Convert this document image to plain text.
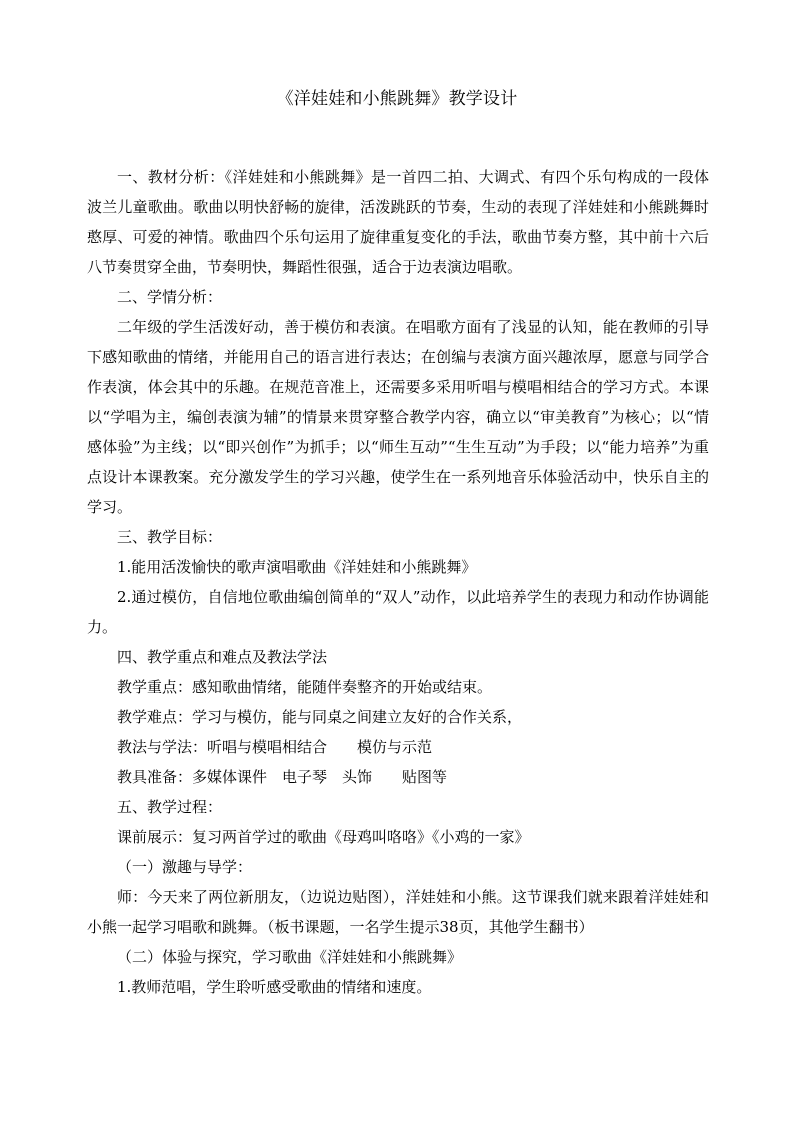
《洋娃娃和小熊跳舞》教学设计

一、教材分析：《洋娃娃和小熊跳舞》是一首四二拍、大调式、有四个乐句构成的一段体波兰儿童歌曲。歌曲以明快舒畅的旋律，活泼跳跃的节奏，生动的表现了洋娃娃和小熊跳舞时憨厚、可爱的神情。歌曲四个乐句运用了旋律重复变化的手法，歌曲节奏方整，其中前十六后八节奏贯穿全曲，节奏明快，舞蹈性很强，适合于边表演边唱歌。

二、学情分析：

二年级的学生活泼好动，善于模仿和表演。在唱歌方面有了浅显的认知，能在教师的引导下感知歌曲的情绪，并能用自己的语言进行表达；在创编与表演方面兴趣浓厚，愿意与同学合作表演，体会其中的乐趣。在规范音准上，还需要多采用听唱与模唱相结合的学习方式。本课以“学唱为主，编创表演为辅”的情景来贯穿整合教学内容，确立以“审美教育”为核心；以“情感体验”为主线；以“即兴创作”为抓手；以“师生互动”“生生互动”为手段；以“能力培养”为重点设计本课教案。充分激发学生的学习兴趣，使学生在一系列地音乐体验活动中，快乐自主的学习。

三、教学目标：

1.能用活泼愉快的歌声演唱歌曲《洋娃娃和小熊跳舞》

2.通过模仿，自信地位歌曲编创简单的“双人”动作，以此培养学生的表现力和动作协调能力。

四、教学重点和难点及教法学法

教学重点：感知歌曲情绪，能随伴奏整齐的开始或结束。

教学难点：学习与模仿，能与同桌之间建立友好的合作关系，

教法与学法：听唱与模唱相结合　　模仿与示范

教具准备：多媒体课件　电子琴　头饰　　贴图等

五、教学过程：

课前展示：复习两首学过的歌曲《母鸡叫咯咯》《小鸡的一家》

（一）激趣与导学：

师：今天来了两位新朋友，（边说边贴图），洋娃娃和小熊。这节课我们就来跟着洋娃娃和小熊一起学习唱歌和跳舞。（板书课题，一名学生提示38页，其他学生翻书）

（二）体验与探究，学习歌曲《洋娃娃和小熊跳舞》

1.教师范唱，学生聆听感受歌曲的情绪和速度。
